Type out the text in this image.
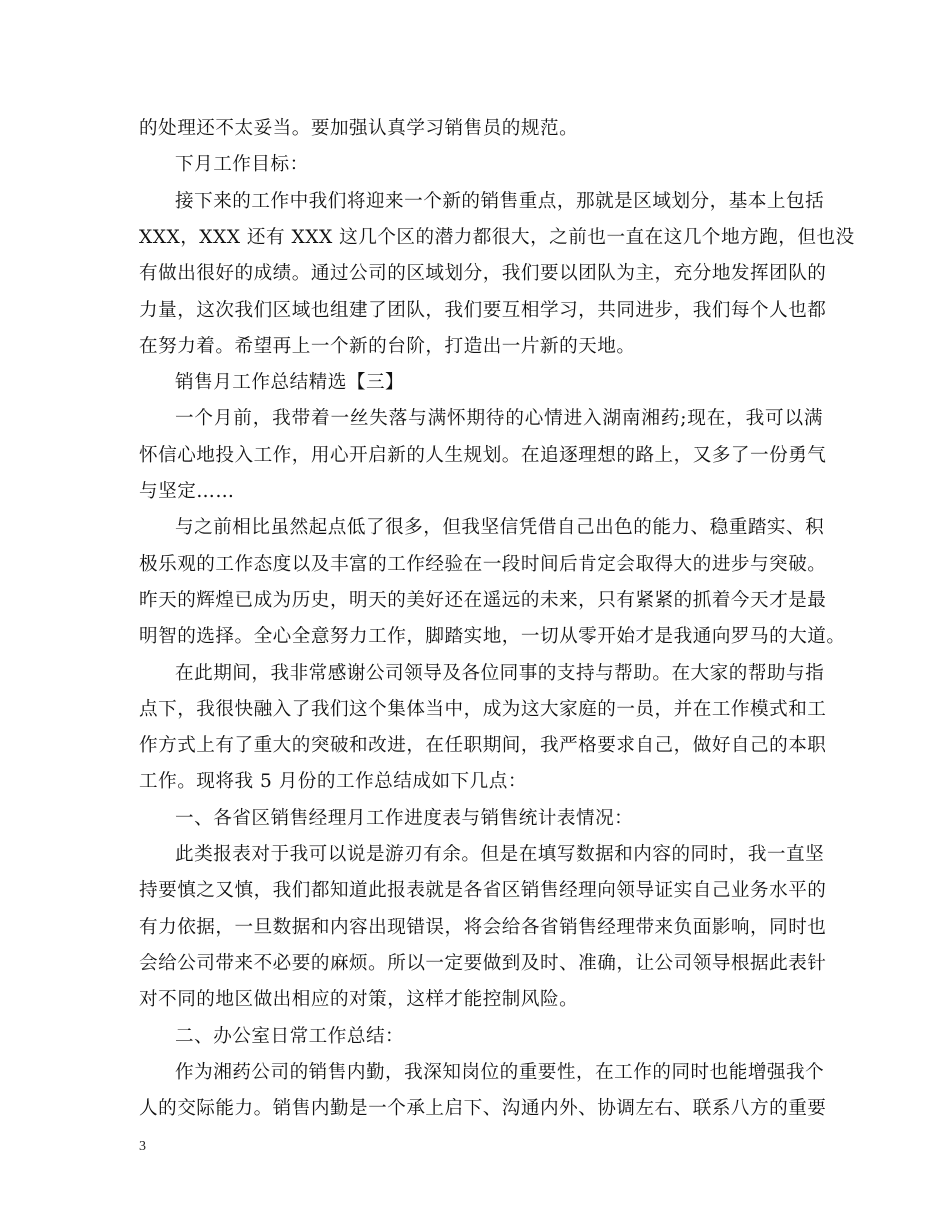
的处理还不太妥当。要加强认真学习销售员的规范。
下月工作目标：
接下来的工作中我们将迎来一个新的销售重点，那就是区域划分，基本上包括
XXX，XXX 还有 XXX 这几个区的潜力都很大，之前也一直在这几个地方跑，但也没
有做出很好的成绩。通过公司的区域划分，我们要以团队为主，充分地发挥团队的
力量，这次我们区域也组建了团队，我们要互相学习，共同进步，我们每个人也都
在努力着。希望再上一个新的台阶，打造出一片新的天地。
销售月工作总结精选【三】
一个月前，我带着一丝失落与满怀期待的心情进入湖南湘药;现在，我可以满
怀信心地投入工作，用心开启新的人生规划。在追逐理想的路上，又多了一份勇气
与坚定……
与之前相比虽然起点低了很多，但我坚信凭借自己出色的能力、稳重踏实、积
极乐观的工作态度以及丰富的工作经验在一段时间后肯定会取得大的进步与突破。
昨天的辉煌已成为历史，明天的美好还在遥远的未来，只有紧紧的抓着今天才是最
明智的选择。全心全意努力工作，脚踏实地，一切从零开始才是我通向罗马的大道。
在此期间，我非常感谢公司领导及各位同事的支持与帮助。在大家的帮助与指
点下，我很快融入了我们这个集体当中，成为这大家庭的一员，并在工作模式和工
作方式上有了重大的突破和改进，在任职期间，我严格要求自己，做好自己的本职
工作。现将我 5 月份的工作总结成如下几点：
一、各省区销售经理月工作进度表与销售统计表情况：
此类报表对于我可以说是游刃有余。但是在填写数据和内容的同时，我一直坚
持要慎之又慎，我们都知道此报表就是各省区销售经理向领导证实自己业务水平的
有力依据，一旦数据和内容出现错误，将会给各省销售经理带来负面影响，同时也
会给公司带来不必要的麻烦。所以一定要做到及时、准确，让公司领导根据此表针
对不同的地区做出相应的对策，这样才能控制风险。
二、办公室日常工作总结：
作为湘药公司的销售内勤，我深知岗位的重要性，在工作的同时也能增强我个
人的交际能力。销售内勤是一个承上启下、沟通内外、协调左右、联系八方的重要
3
